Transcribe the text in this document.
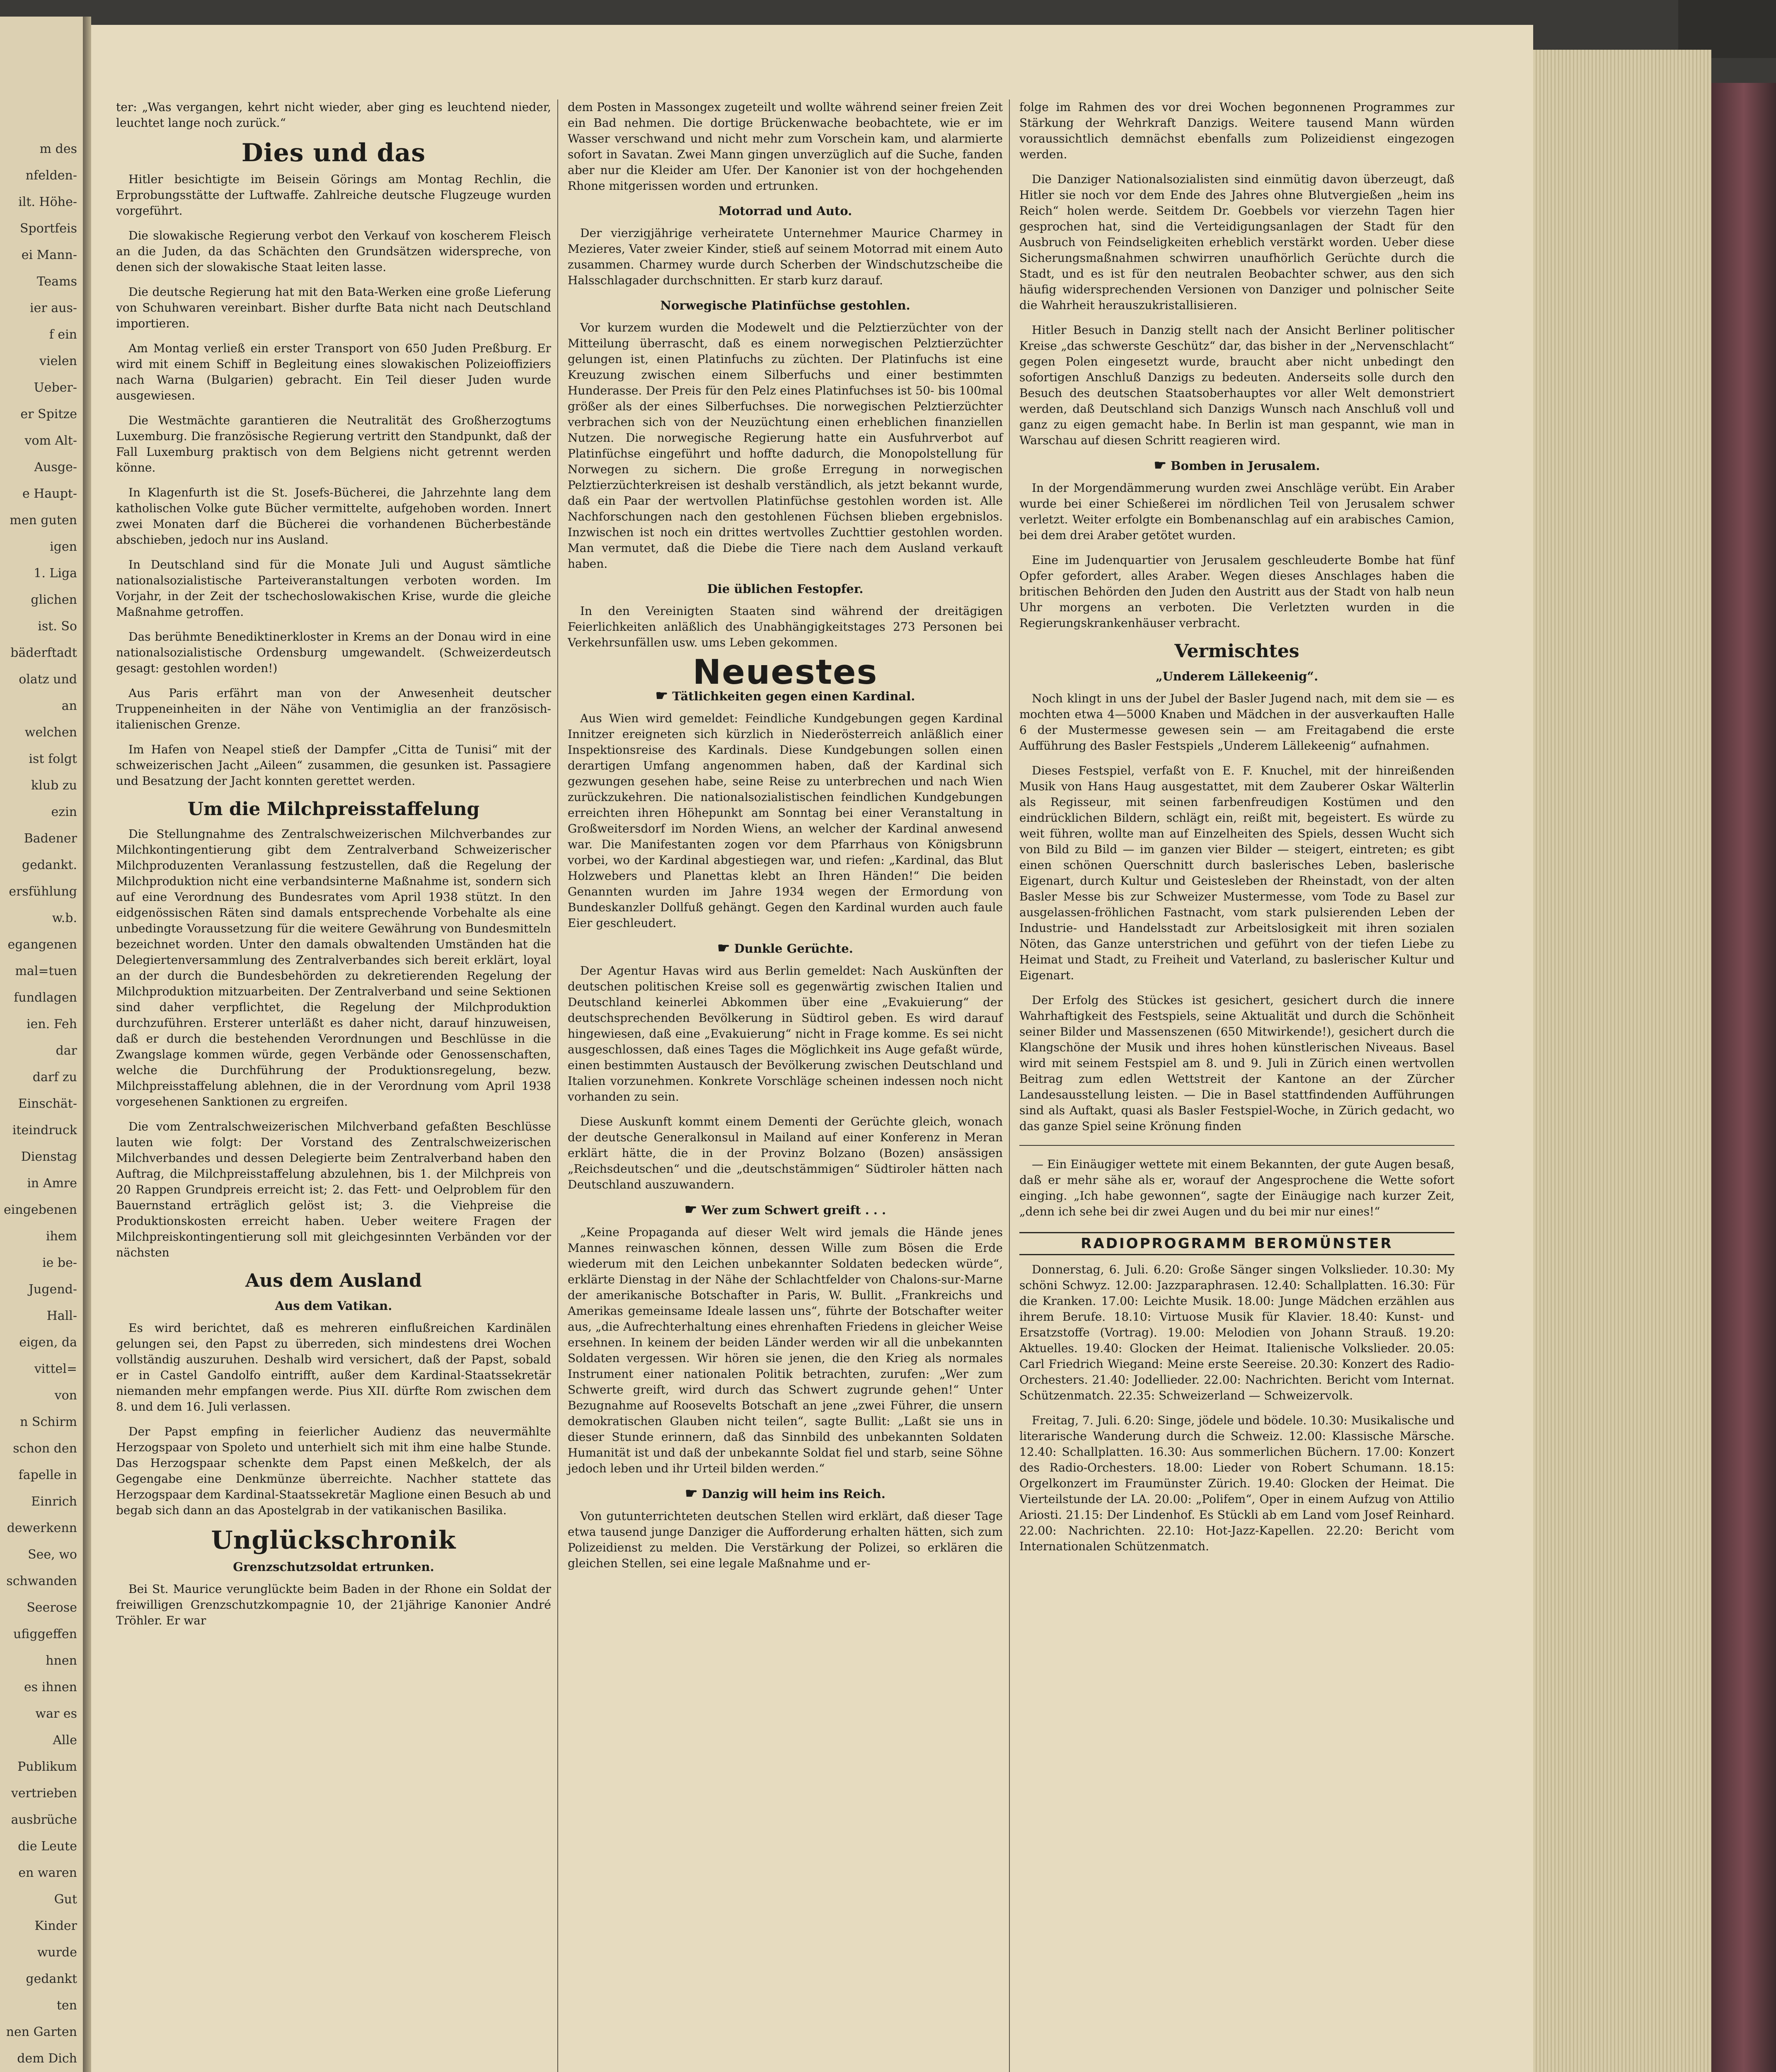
m des
nfelden-
ilt. Höhe-
Sportfeis
ei Mann-
Teams
ier aus-
f ein
vielen
Ueber-
er Spitze
vom Alt-
Ausge-
e Haupt-
men guten
igen
1. Liga
glichen
ist. So
bäderftadt
olatz und
an
welchen
ist folgt
klub zu
ezin
Badener
gedankt.
ersfühlung
w.b.
egangenen
mal=tuen
fundlagen
ien. Feh
dar
darf zu
Einschät-
iteindruck
Dienstag
in Amre
eingebenen
ihem
ie be-
Jugend-
Hall-
eigen, da
vittel=
von
n Schirm
schon den
fapelle in
Einrich
dewerkenn
See, wo
schwanden
Seerose
ufiggeffen
hnen
es ihnen
war es
Alle
Publikum
vertrieben
ausbrüche
die Leute
en waren
Gut
Kinder
wurde
gedankt
ten
nen Garten
dem Dich

ter: „Was vergangen, kehrt nicht wieder, aber ging es leuchtend nieder, leuchtet lange noch zurück.“

Dies und das

Hitler besichtigte im Beisein Görings am Montag Rechlin, die Erprobungsstätte der Luftwaffe. Zahlreiche deutsche Flugzeuge wurden vorgeführt.

Die slowakische Regierung verbot den Verkauf von koscherem Fleisch an die Juden, da das Schächten den Grundsätzen widerspreche, von denen sich der slowakische Staat leiten lasse.

Die deutsche Regierung hat mit den Bata-Werken eine große Lieferung von Schuhwaren vereinbart. Bisher durfte Bata nicht nach Deutschland importieren.

Am Montag verließ ein erster Transport von 650 Juden Preßburg. Er wird mit einem Schiff in Begleitung eines slowakischen Polizeioffiziers nach Warna (Bulgarien) gebracht. Ein Teil dieser Juden wurde ausgewiesen.

Die Westmächte garantieren die Neutralität des Großherzogtums Luxemburg. Die französische Regierung vertritt den Standpunkt, daß der Fall Luxemburg praktisch von dem Belgiens nicht getrennt werden könne.

In Klagenfurth ist die St. Josefs-Bücherei, die Jahrzehnte lang dem katholischen Volke gute Bücher vermittelte, aufgehoben worden. Innert zwei Monaten darf die Bücherei die vorhandenen Bücherbestände abschieben, jedoch nur ins Ausland.

In Deutschland sind für die Monate Juli und August sämtliche nationalsozialistische Parteiveranstaltungen verboten worden. Im Vorjahr, in der Zeit der tschechoslowakischen Krise, wurde die gleiche Maßnahme getroffen.

Das berühmte Benediktinerkloster in Krems an der Donau wird in eine nationalsozialistische Ordensburg umgewandelt. (Schweizerdeutsch gesagt: gestohlen worden!)

Aus Paris erfährt man von der Anwesenheit deutscher Truppeneinheiten in der Nähe von Ventimiglia an der französisch-italienischen Grenze.

Im Hafen von Neapel stieß der Dampfer „Citta de Tunisi“ mit der schweizerischen Jacht „Aileen“ zusammen, die gesunken ist. Passagiere und Besatzung der Jacht konnten gerettet werden.

Um die Milchpreisstaffelung

Die Stellungnahme des Zentralschweizerischen Milchverbandes zur Milchkontingentierung gibt dem Zentralverband Schweizerischer Milchproduzenten Veranlassung festzustellen, daß die Regelung der Milchproduktion nicht eine verbandsinterne Maßnahme ist, sondern sich auf eine Verordnung des Bundesrates vom April 1938 stützt. In den eidgenössischen Räten sind damals entsprechende Vorbehalte als eine unbedingte Voraussetzung für die weitere Gewährung von Bundesmitteln bezeichnet worden. Unter den damals obwaltenden Umständen hat die Delegiertenversammlung des Zentralverbandes sich bereit erklärt, loyal an der durch die Bundesbehörden zu dekretierenden Regelung der Milchproduktion mitzuarbeiten. Der Zentralverband und seine Sektionen sind daher verpflichtet, die Regelung der Milchproduktion durchzuführen. Ersterer unterläßt es daher nicht, darauf hinzuweisen, daß er durch die bestehenden Verordnungen und Beschlüsse in die Zwangslage kommen würde, gegen Verbände oder Genossenschaften, welche die Durchführung der Produktionsregelung, bezw. Milchpreisstaffelung ablehnen, die in der Verordnung vom April 1938 vorgesehenen Sanktionen zu ergreifen.

Die vom Zentralschweizerischen Milchverband gefaßten Beschlüsse lauten wie folgt: Der Vorstand des Zentralschweizerischen Milchverbandes und dessen Delegierte beim Zentralverband haben den Auftrag, die Milchpreisstaffelung abzulehnen, bis 1. der Milchpreis von 20 Rappen Grundpreis erreicht ist; 2. das Fett- und Oelproblem für den Bauernstand erträglich gelöst ist; 3. die Viehpreise die Produktionskosten erreicht haben. Ueber weitere Fragen der Milchpreiskontingentierung soll mit gleichgesinnten Verbänden vor der nächsten

Aus dem Ausland
Aus dem Vatikan.

Es wird berichtet, daß es mehreren einflußreichen Kardinälen gelungen sei, den Papst zu überreden, sich mindestens drei Wochen vollständig auszuruhen. Deshalb wird versichert, daß der Papst, sobald er in Castel Gandolfo eintrifft, außer dem Kardinal-Staatssekretär niemanden mehr empfangen werde. Pius XII. dürfte Rom zwischen dem 8. und dem 16. Juli verlassen.

Der Papst empfing in feierlicher Audienz das neuvermählte Herzogspaar von Spoleto und unterhielt sich mit ihm eine halbe Stunde. Das Herzogspaar schenkte dem Papst einen Meßkelch, der als Gegengabe eine Denkmünze überreichte. Nachher stattete das Herzogspaar dem Kardinal-Staatssekretär Maglione einen Besuch ab und begab sich dann an das Apostelgrab in der vatikanischen Basilika.

Unglückschronik
Grenzschutzsoldat ertrunken.

Bei St. Maurice verunglückte beim Baden in der Rhone ein Soldat der freiwilligen Grenzschutzkompagnie 10, der 21jährige Kanonier André Tröhler. Er war

dem Posten in Massongex zugeteilt und wollte während seiner freien Zeit ein Bad nehmen. Die dortige Brückenwache beobachtete, wie er im Wasser verschwand und nicht mehr zum Vorschein kam, und alarmierte sofort in Savatan. Zwei Mann gingen unverzüglich auf die Suche, fanden aber nur die Kleider am Ufer. Der Kanonier ist von der hochgehenden Rhone mitgerissen worden und ertrunken.

Motorrad und Auto.

Der vierzigjährige verheiratete Unternehmer Maurice Charmey in Mezieres, Vater zweier Kinder, stieß auf seinem Motorrad mit einem Auto zusammen. Charmey wurde durch Scherben der Windschutzscheibe die Halsschlagader durchschnitten. Er starb kurz darauf.

Norwegische Platinfüchse gestohlen.

Vor kurzem wurden die Modewelt und die Pelztierzüchter von der Mitteilung überrascht, daß es einem norwegischen Pelztierzüchter gelungen ist, einen Platinfuchs zu züchten. Der Platinfuchs ist eine Kreuzung zwischen einem Silberfuchs und einer bestimmten Hunderasse. Der Preis für den Pelz eines Platinfuchses ist 50- bis 100mal größer als der eines Silberfuchses. Die norwegischen Pelztierzüchter verbrachen sich von der Neuzüchtung einen erheblichen finanziellen Nutzen. Die norwegische Regierung hatte ein Ausfuhrverbot auf Platinfüchse eingeführt und hoffte dadurch, die Monopolstellung für Norwegen zu sichern. Die große Erregung in norwegischen Pelztierzüchterkreisen ist deshalb verständlich, als jetzt bekannt wurde, daß ein Paar der wertvollen Platinfüchse gestohlen worden ist. Alle Nachforschungen nach den gestohlenen Füchsen blieben ergebnislos. Inzwischen ist noch ein drittes wertvolles Zuchttier gestohlen worden. Man vermutet, daß die Diebe die Tiere nach dem Ausland verkauft haben.

Die üblichen Festopfer.

In den Vereinigten Staaten sind während der dreitägigen Feierlichkeiten anläßlich des Unabhängigkeitstages 273 Personen bei Verkehrsunfällen usw. ums Leben gekommen.

Neuestes
☛ Tätlichkeiten gegen einen Kardinal.

Aus Wien wird gemeldet: Feindliche Kundgebungen gegen Kardinal Innitzer ereigneten sich kürzlich in Niederösterreich anläßlich einer Inspektionsreise des Kardinals. Diese Kundgebungen sollen einen derartigen Umfang angenommen haben, daß der Kardinal sich gezwungen gesehen habe, seine Reise zu unterbrechen und nach Wien zurückzukehren. Die nationalsozialistischen feindlichen Kundgebungen erreichten ihren Höhepunkt am Sonntag bei einer Veranstaltung in Großweitersdorf im Norden Wiens, an welcher der Kardinal anwesend war. Die Manifestanten zogen vor dem Pfarrhaus von Königsbrunn vorbei, wo der Kardinal abgestiegen war, und riefen: „Kardinal, das Blut Holzwebers und Planettas klebt an Ihren Händen!“ Die beiden Genannten wurden im Jahre 1934 wegen der Ermordung von Bundeskanzler Dollfuß gehängt. Gegen den Kardinal wurden auch faule Eier geschleudert.

☛ Dunkle Gerüchte.

Der Agentur Havas wird aus Berlin gemeldet: Nach Auskünften der deutschen politischen Kreise soll es gegenwärtig zwischen Italien und Deutschland keinerlei Abkommen über eine „Evakuierung“ der deutschsprechenden Bevölkerung in Südtirol geben. Es wird darauf hingewiesen, daß eine „Evakuierung“ nicht in Frage komme. Es sei nicht ausgeschlossen, daß eines Tages die Möglichkeit ins Auge gefaßt würde, einen bestimmten Austausch der Bevölkerung zwischen Deutschland und Italien vorzunehmen. Konkrete Vorschläge scheinen indessen noch nicht vorhanden zu sein.

Diese Auskunft kommt einem Dementi der Gerüchte gleich, wonach der deutsche Generalkonsul in Mailand auf einer Konferenz in Meran erklärt hätte, die in der Provinz Bolzano (Bozen) ansässigen „Reichsdeutschen“ und die „deutschstämmigen“ Südtiroler hätten nach Deutschland auszuwandern.

☛ Wer zum Schwert greift . . .

„Keine Propaganda auf dieser Welt wird jemals die Hände jenes Mannes reinwaschen können, dessen Wille zum Bösen die Erde wiederum mit den Leichen unbekannter Soldaten bedecken würde“, erklärte Dienstag in der Nähe der Schlachtfelder von Chalons-sur-Marne der amerikanische Botschafter in Paris, W. Bullit. „Frankreichs und Amerikas gemeinsame Ideale lassen uns“, führte der Botschafter weiter aus, „die Aufrechterhaltung eines ehrenhaften Friedens in gleicher Weise ersehnen. In keinem der beiden Länder werden wir all die unbekannten Soldaten vergessen. Wir hören sie jenen, die den Krieg als normales Instrument einer nationalen Politik betrachten, zurufen: „Wer zum Schwerte greift, wird durch das Schwert zugrunde gehen!“ Unter Bezugnahme auf Roosevelts Botschaft an jene „zwei Führer, die unsern demokratischen Glauben nicht teilen“, sagte Bullit: „Laßt sie uns in dieser Stunde erinnern, daß das Sinnbild des unbekannten Soldaten Humanität ist und daß der unbekannte Soldat fiel und starb, seine Söhne jedoch leben und ihr Urteil bilden werden.“

☛ Danzig will heim ins Reich.

Von gutunterrichteten deutschen Stellen wird erklärt, daß dieser Tage etwa tausend junge Danziger die Aufforderung erhalten hätten, sich zum Polizeidienst zu melden. Die Verstärkung der Polizei, so erklären die gleichen Stellen, sei eine legale Maßnahme und er-

folge im Rahmen des vor drei Wochen begonnenen Programmes zur Stärkung der Wehrkraft Danzigs. Weitere tausend Mann würden voraussichtlich demnächst ebenfalls zum Polizeidienst eingezogen werden.

Die Danziger Nationalsozialisten sind einmütig davon überzeugt, daß Hitler sie noch vor dem Ende des Jahres ohne Blutvergießen „heim ins Reich“ holen werde. Seitdem Dr. Goebbels vor vierzehn Tagen hier gesprochen hat, sind die Verteidigungsanlagen der Stadt für den Ausbruch von Feindseligkeiten erheblich verstärkt worden. Ueber diese Sicherungsmaßnahmen schwirren unaufhörlich Gerüchte durch die Stadt, und es ist für den neutralen Beobachter schwer, aus den sich häufig widersprechenden Versionen von Danziger und polnischer Seite die Wahrheit herauszukristallisieren.

Hitler Besuch in Danzig stellt nach der Ansicht Berliner politischer Kreise „das schwerste Geschütz“ dar, das bisher in der „Nervenschlacht“ gegen Polen eingesetzt wurde, braucht aber nicht unbedingt den sofortigen Anschluß Danzigs zu bedeuten. Anderseits solle durch den Besuch des deutschen Staatsoberhauptes vor aller Welt demonstriert werden, daß Deutschland sich Danzigs Wunsch nach Anschluß voll und ganz zu eigen gemacht habe. In Berlin ist man gespannt, wie man in Warschau auf diesen Schritt reagieren wird.

☛ Bomben in Jerusalem.

In der Morgendämmerung wurden zwei Anschläge verübt. Ein Araber wurde bei einer Schießerei im nördlichen Teil von Jerusalem schwer verletzt. Weiter erfolgte ein Bombenanschlag auf ein arabisches Camion, bei dem drei Araber getötet wurden.

Eine im Judenquartier von Jerusalem geschleuderte Bombe hat fünf Opfer gefordert, alles Araber. Wegen dieses Anschlages haben die britischen Behörden den Juden den Austritt aus der Stadt von halb neun Uhr morgens an verboten. Die Verletzten wurden in die Regierungskrankenhäuser verbracht.

Vermischtes
„Underem Lällekeenig“.

Noch klingt in uns der Jubel der Basler Jugend nach, mit dem sie — es mochten etwa 4—5000 Knaben und Mädchen in der ausverkauften Halle 6 der Mustermesse gewesen sein — am Freitagabend die erste Aufführung des Basler Festspiels „Underem Lällekeenig“ aufnahmen.

Dieses Festspiel, verfaßt von E. F. Knuchel, mit der hinreißenden Musik von Hans Haug ausgestattet, mit dem Zauberer Oskar Wälterlin als Regisseur, mit seinen farbenfreudigen Kostümen und den eindrücklichen Bildern, schlägt ein, reißt mit, begeistert. Es würde zu weit führen, wollte man auf Einzelheiten des Spiels, dessen Wucht sich von Bild zu Bild — im ganzen vier Bilder — steigert, eintreten; es gibt einen schönen Querschnitt durch baslerisches Leben, baslerische Eigenart, durch Kultur und Geistesleben der Rheinstadt, von der alten Basler Messe bis zur Schweizer Mustermesse, vom Tode zu Basel zur ausgelassen-fröhlichen Fastnacht, vom stark pulsierenden Leben der Industrie- und Handelsstadt zur Arbeitslosigkeit mit ihren sozialen Nöten, das Ganze unterstrichen und geführt von der tiefen Liebe zu Heimat und Stadt, zu Freiheit und Vaterland, zu baslerischer Kultur und Eigenart.

Der Erfolg des Stückes ist gesichert, gesichert durch die innere Wahrhaftigkeit des Festspiels, seine Aktualität und durch die Schönheit seiner Bilder und Massenszenen (650 Mitwirkende!), gesichert durch die Klangschöne der Musik und ihres hohen künstlerischen Niveaus. Basel wird mit seinem Festspiel am 8. und 9. Juli in Zürich einen wertvollen Beitrag zum edlen Wettstreit der Kantone an der Zürcher Landesausstellung leisten. — Die in Basel stattfindenden Aufführungen sind als Auftakt, quasi als Basler Festspiel-Woche, in Zürich gedacht, wo das ganze Spiel seine Krönung finden

— Ein Einäugiger wettete mit einem Bekannten, der gute Augen besaß, daß er mehr sähe als er, worauf der Angesprochene die Wette sofort einging. „Ich habe gewonnen“, sagte der Einäugige nach kurzer Zeit, „denn ich sehe bei dir zwei Augen und du bei mir nur eines!“

RADIOPROGRAMM BEROMÜNSTER

Donnerstag, 6. Juli. 6.20: Große Sänger singen Volkslieder. 10.30: My schöni Schwyz. 12.00: Jazzparaphrasen. 12.40: Schallplatten. 16.30: Für die Kranken. 17.00: Leichte Musik. 18.00: Junge Mädchen erzählen aus ihrem Berufe. 18.10: Virtuose Musik für Klavier. 18.40: Kunst- und Ersatzstoffe (Vortrag). 19.00: Melodien von Johann Strauß. 19.20: Aktuelles. 19.40: Glocken der Heimat. Italienische Volkslieder. 20.05: Carl Friedrich Wiegand: Meine erste Seereise. 20.30: Konzert des Radio-Orchesters. 21.40: Jodellieder. 22.00: Nachrichten. Bericht vom Internat. Schützenmatch. 22.35: Schweizerland — Schweizervolk.

Freitag, 7. Juli. 6.20: Singe, jödele und bödele. 10.30: Musikalische und literarische Wanderung durch die Schweiz. 12.00: Klassische Märsche. 12.40: Schallplatten. 16.30: Aus sommerlichen Büchern. 17.00: Konzert des Radio-Orchesters. 18.00: Lieder von Robert Schumann. 18.15: Orgelkonzert im Fraumünster Zürich. 19.40: Glocken der Heimat. Die Vierteilstunde der LA. 20.00: „Polifem“, Oper in einem Aufzug von Attilio Ariosti. 21.15: Der Lindenhof. Es Stückli ab em Land vom Josef Reinhard. 22.00: Nachrichten. 22.10: Hot-Jazz-Kapellen. 22.20: Bericht vom Internationalen Schützenmatch.
